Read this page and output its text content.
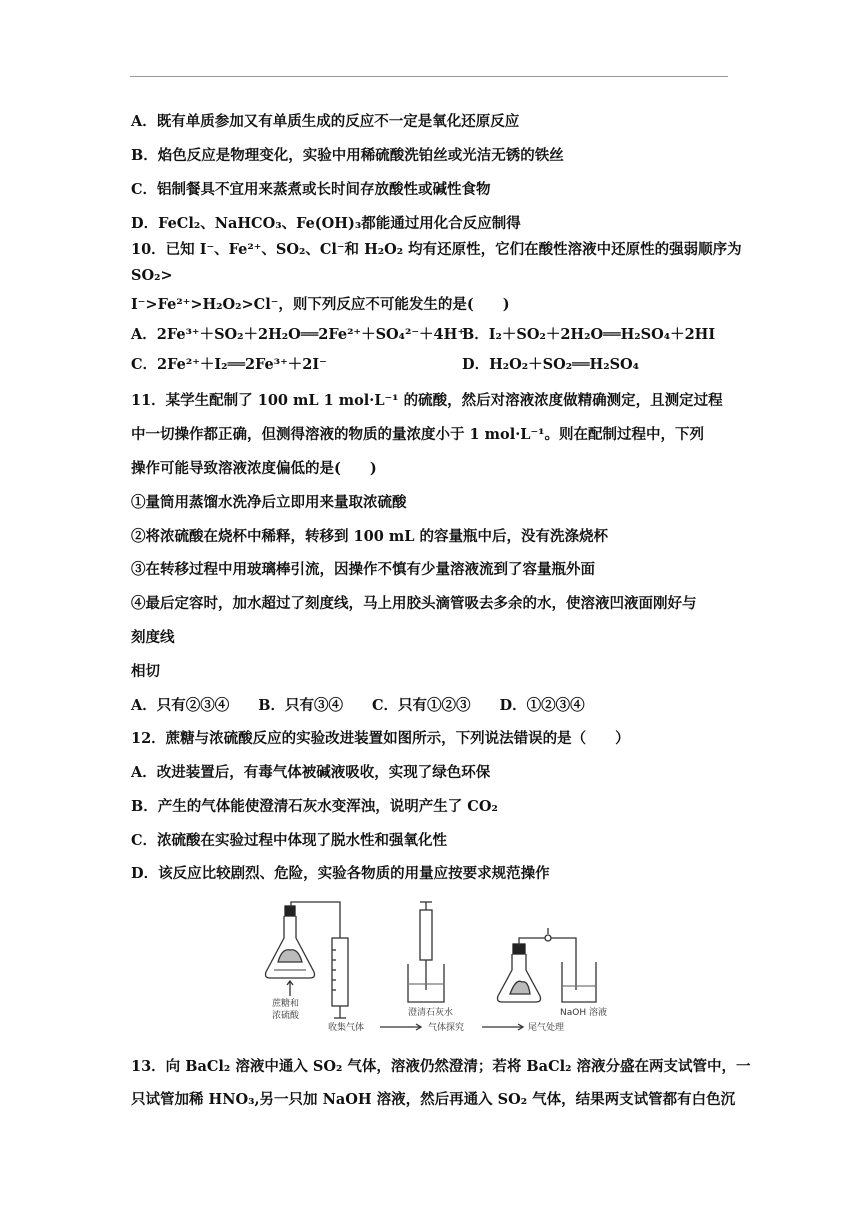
A．既有单质参加又有单质生成的反应不一定是氧化还原反应
B．焰色反应是物理变化，实验中用稀硫酸洗铂丝或光洁无锈的铁丝
C．铝制餐具不宜用来蒸煮或长时间存放酸性或碱性食物
D．FeCl₂、NaHCO₃、Fe(OH)₃都能通过用化合反应制得
10．已知 I⁻、Fe²⁺、SO₂、Cl⁻和 H₂O₂ 均有还原性，它们在酸性溶液中还原性的强弱顺序为
SO₂>
I⁻>Fe²⁺>H₂O₂>Cl⁻，则下列反应不可能发生的是(　　)
A．2Fe³⁺＋SO₂＋2H₂O══2Fe²⁺＋SO₄²⁻＋4H⁺
B．I₂＋SO₂＋2H₂O══H₂SO₄＋2HI
C．2Fe²⁺＋I₂══2Fe³⁺＋2I⁻	D．H₂O₂＋SO₂══H₂SO₄
11．某学生配制了 100 mL 1 mol·L⁻¹ 的硫酸，然后对溶液浓度做精确测定，且测定过程
中一切操作都正确，但测得溶液的物质的量浓度小于 1 mol·L⁻¹。则在配制过程中，下列
操作可能导致溶液浓度偏低的是(　　)
①量筒用蒸馏水洗净后立即用来量取浓硫酸
②将浓硫酸在烧杯中稀释，转移到 100 mL 的容量瓶中后，没有洗涤烧杯
③在转移过程中用玻璃棒引流，因操作不慎有少量溶液流到了容量瓶外面
④最后定容时，加水超过了刻度线，马上用胶头滴管吸去多余的水，使溶液凹液面刚好与
刻度线
相切
A．只有②③④　　B．只有③④　　C．只有①②③　　D．①②③④
12．蔗糖与浓硫酸反应的实验改进装置如图所示，下列说法错误的是（　　）
A．改进装置后，有毒气体被碱液吸收，实现了绿色环保
B．产生的气体能使澄清石灰水变浑浊，说明产生了 CO₂
C．浓硫酸在实验过程中体现了脱水性和强氧化性
D．该反应比较剧烈、危险，实验各物质的用量应按要求规范操作
蔗糖和
浓硫酸	澄清石灰水	NaOH 溶液
收集气体	气体探究	尾气处理
13．向 BaCl₂ 溶液中通入 SO₂ 气体，溶液仍然澄清；若将 BaCl₂ 溶液分盛在两支试管中，一
只试管加稀 HNO₃,另一只加 NaOH 溶液，然后再通入 SO₂ 气体，结果两支试管都有白色沉
